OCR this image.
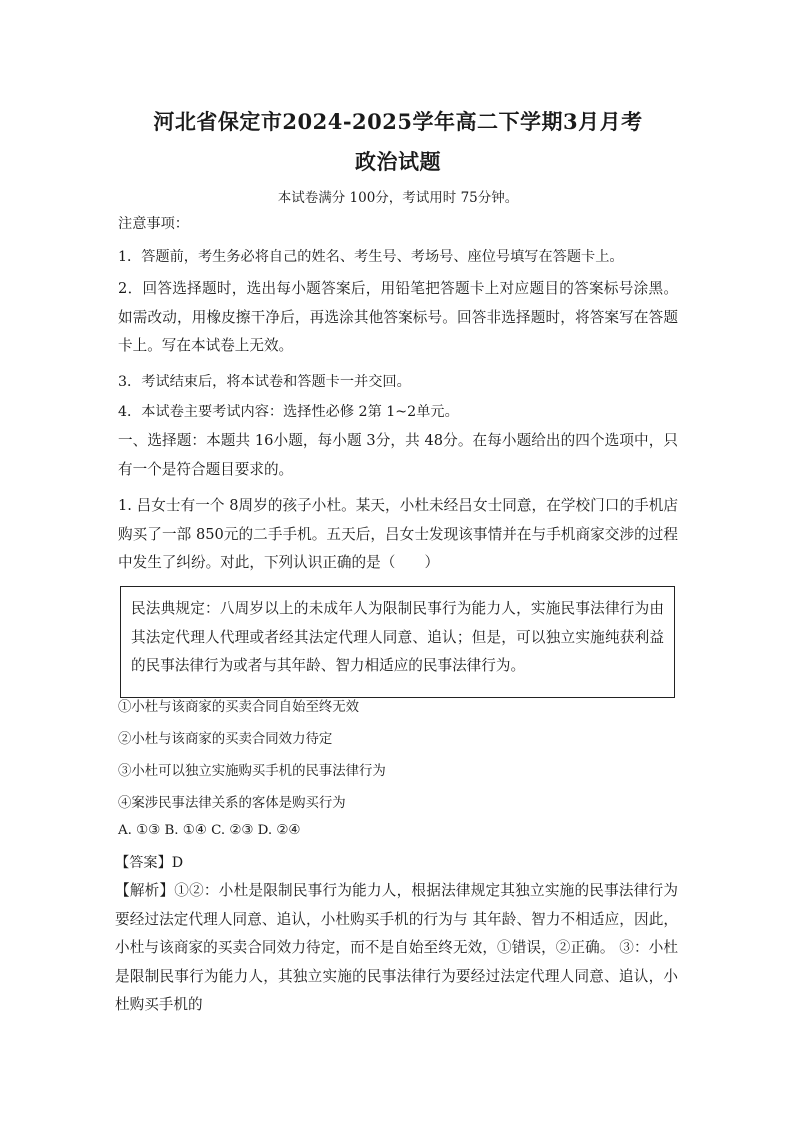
河北省保定市2024-2025学年高二下学期3月月考
政治试题
本试卷满分 100分，考试用时 75分钟。
注意事项：
1．答题前，考生务必将自己的姓名、考生号、考场号、座位号填写在答题卡上。
2．回答选择题时，选出每小题答案后，用铅笔把答题卡上对应题目的答案标号涂黑。如需改动，用橡皮擦干净后，再选涂其他答案标号。回答非选择题时，将答案写在答题卡上。写在本试卷上无效。
3．考试结束后，将本试卷和答题卡一并交回。
4．本试卷主要考试内容：选择性必修 2第 1~2单元。
一、选择题：本题共 16小题，每小题 3分，共 48分。在每小题给出的四个选项中，只有一个是符合题目要求的。
1. 吕女士有一个 8周岁的孩子小杜。某天，小杜未经吕女士同意，在学校门口的手机店购买了一部 850元的二手手机。五天后，吕女士发现该事情并在与手机商家交涉的过程中发生了纠纷。对此，下列认识正确的是（　　）
民法典规定：八周岁以上的未成年人为限制民事行为能力人，实施民事法律行为由其法定代理人代理或者经其法定代理人同意、追认；但是，可以独立实施纯获利益的民事法律行为或者与其年龄、智力相适应的民事法律行为。
①小杜与该商家的买卖合同自始至终无效
②小杜与该商家的买卖合同效力待定
③小杜可以独立实施购买手机的民事法律行为
④案涉民事法律关系的客体是购买行为
A. ①③ B. ①④ C. ②③ D. ②④
【答案】D
【解析】①②：小杜是限制民事行为能力人，根据法律规定其独立实施的民事法律行为要经过法定代理人同意、追认，小杜购买手机的行为与 其年龄、智力不相适应，因此，小杜与该商家的买卖合同效力待定，而不是自始至终无效，①错误，②正确。 ③：小杜是限制民事行为能力人，其独立实施的民事法律行为要经过法定代理人同意、追认，小杜购买手机的
